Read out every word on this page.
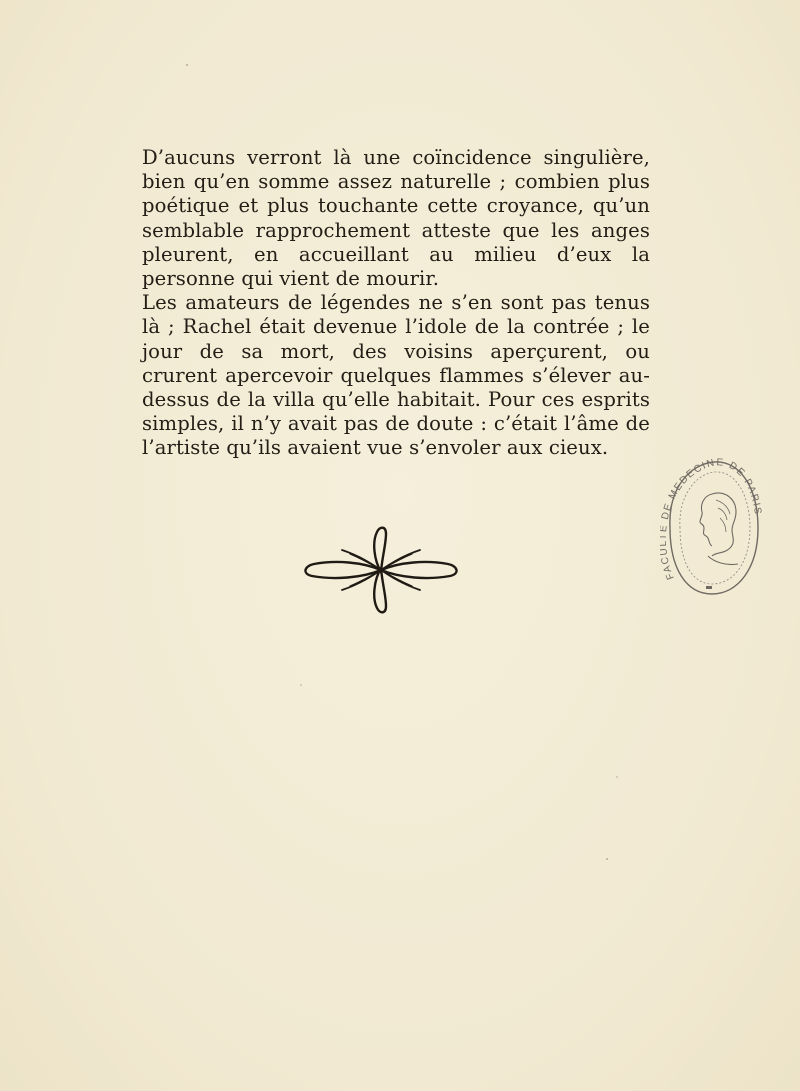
D’aucuns verront là une coïncidence singulière, bien qu’en somme assez naturelle ; combien plus poétique et plus touchante cette croyance, qu’un semblable rapprochement atteste que les anges pleurent, en accueillant au milieu d’eux la personne qui vient de mourir.

Les amateurs de légendes ne s’en sont pas tenus là ; Rachel était devenue l’idole de la contrée ; le jour de sa mort, des voisins aperçurent, ou crurent apercevoir quelques flammes s’élever au-dessus de la villa qu’elle habitait. Pour ces esprits simples, il n’y avait pas de doute : c’était l’âme de l’artiste qu’ils avaient vue s’envoler aux cieux.

FAC DE MEDECINE DE PARI
